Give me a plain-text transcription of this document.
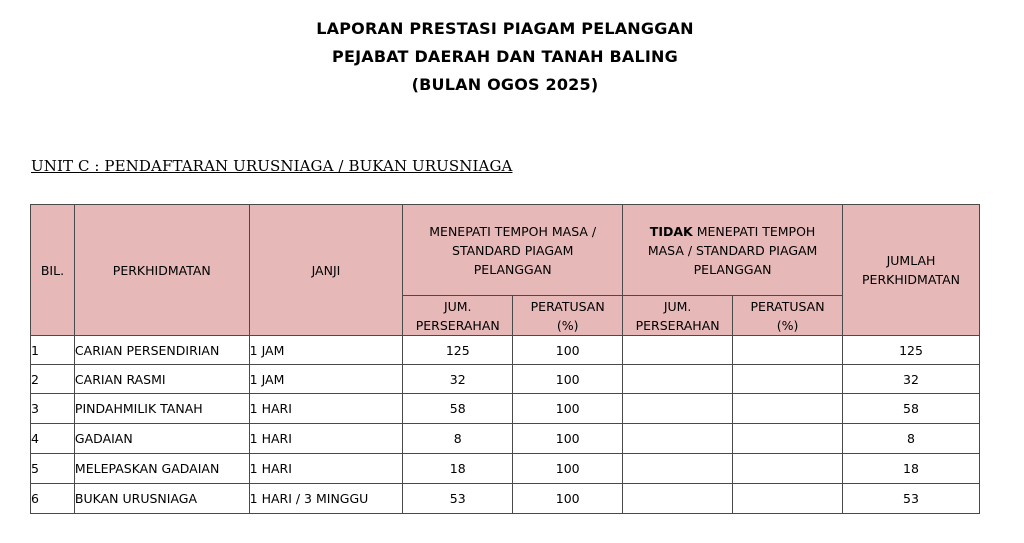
LAPORAN PRESTASI PIAGAM PELANGGAN
PEJABAT DAERAH DAN TANAH BALING
(BULAN OGOS 2025)
UNIT C : PENDAFTARAN URUSNIAGA / BUKAN URUSNIAGA
BIL.	PERKHIDMATAN	JANJI	MENEPATI TEMPOH MASA / STANDARD PIAGAM PELANGGAN		TIDAK MENEPATI TEMPOH MASA / STANDARD PIAGAM PELANGGAN		JUMLAH PERKHIDMATAN
			JUM. PERSERAHAN	PERATUSAN (%)	JUM. PERSERAHAN	PERATUSAN (%)	
1	CARIAN PERSENDIRIAN	1 JAM	125	100			125
2	CARIAN RASMI	1 JAM	32	100			32
3	PINDAHMILIK TANAH	1 HARI	58	100			58
4	GADAIAN	1 HARI	8	100			8
5	MELEPASKAN GADAIAN	1 HARI	18	100			18
6	BUKAN URUSNIAGA	1 HARI / 3 MINGGU	53	100			53
